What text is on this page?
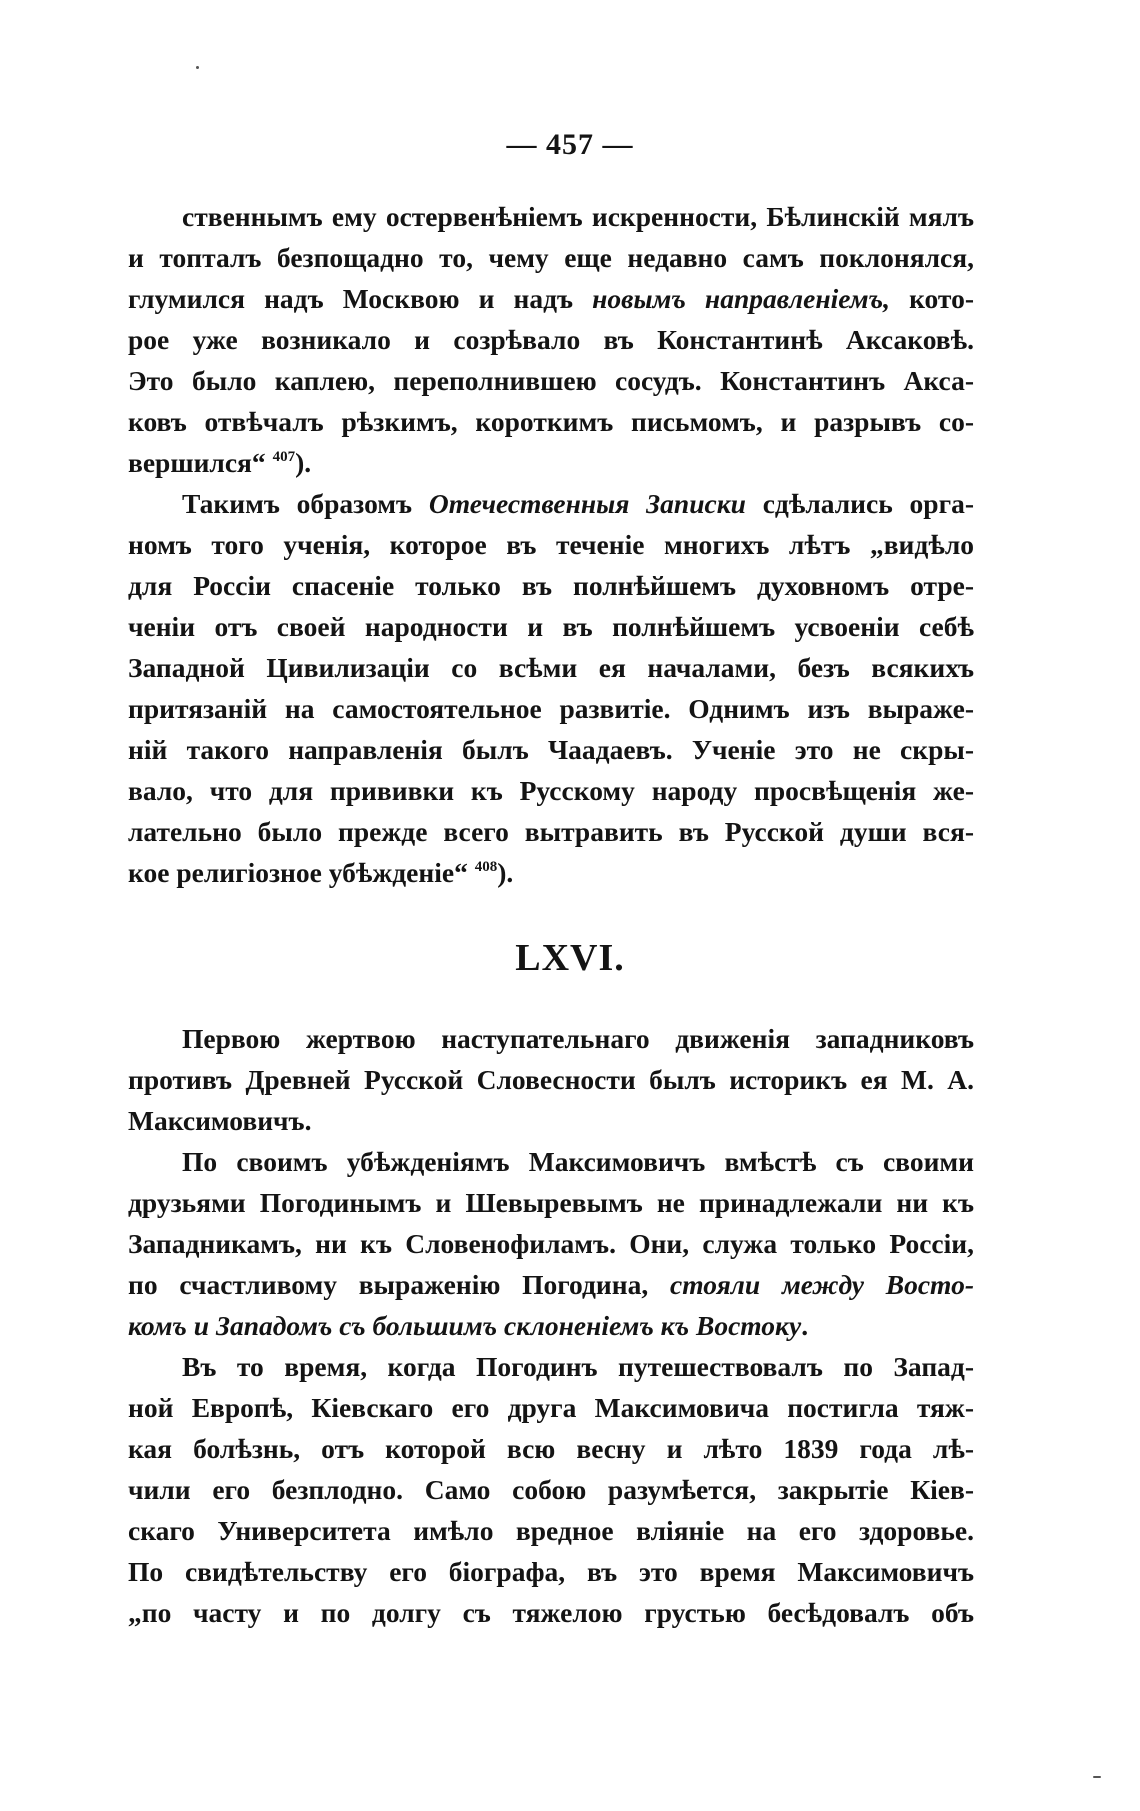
— 457 —
ственнымъ ему остервенѣніемъ искренности, Бѣлинскій мялъ
и топталъ безпощадно то, чему еще недавно самъ поклонялся,
глумился надъ Москвою и надъ новымъ направленіемъ, кото-
рое уже возникало и созрѣвало въ Константинѣ Аксаковѣ.
Это было каплею, переполнившею сосудъ. Константинъ Акса-
ковъ отвѣчалъ рѣзкимъ, короткимъ письмомъ, и разрывъ со-
вершился“ $^{407}$).
Такимъ образомъ Отечественныя Записки сдѣлались орга-
номъ того ученія, которое въ теченіе многихъ лѣтъ „видѣло
для Россіи спасеніе только въ полнѣйшемъ духовномъ отре-
ченіи отъ своей народности и въ полнѣйшемъ усвоеніи себѣ
Западной Цивилизаціи со всѣми ея началами, безъ всякихъ
притязаній на самостоятельное развитіе. Однимъ изъ выраже-
ній такого направленія былъ Чаадаевъ. Ученіе это не скры-
вало, что для прививки къ Русскому народу просвѣщенія же-
лательно было прежде всего вытравить въ Русской души вся-
кое религіозное убѣжденіе“ $^{408}$).
LXVI.
Первою жертвою наступательнаго движенія западниковъ
противъ Древней Русской Словесности былъ историкъ ея М. А.
Максимовичъ.
По своимъ убѣжденіямъ Максимовичъ вмѣстѣ съ своими
друзьями Погодинымъ и Шевыревымъ не принадлежали ни къ
Западникамъ, ни къ Словенофиламъ. Они, служа только Россіи,
по счастливому выраженію Погодина, стояли между Восто-
комъ и Западомъ съ большимъ склоненіемъ къ Востоку.
Въ то время, когда Погодинъ путешествовалъ по Запад-
ной Европѣ, Кіевскаго его друга Максимовича постигла тяж-
кая болѣзнь, отъ которой всю весну и лѣто 1839 года лѣ-
чили его безплодно. Само собою разумѣется, закрытіе Кіев-
скаго Университета имѣло вредное вліяніе на его здоровье.
По свидѣтельству его біографа, въ это время Максимовичъ
„по часту и по долгу съ тяжелою грустью бесѣдовалъ объ
